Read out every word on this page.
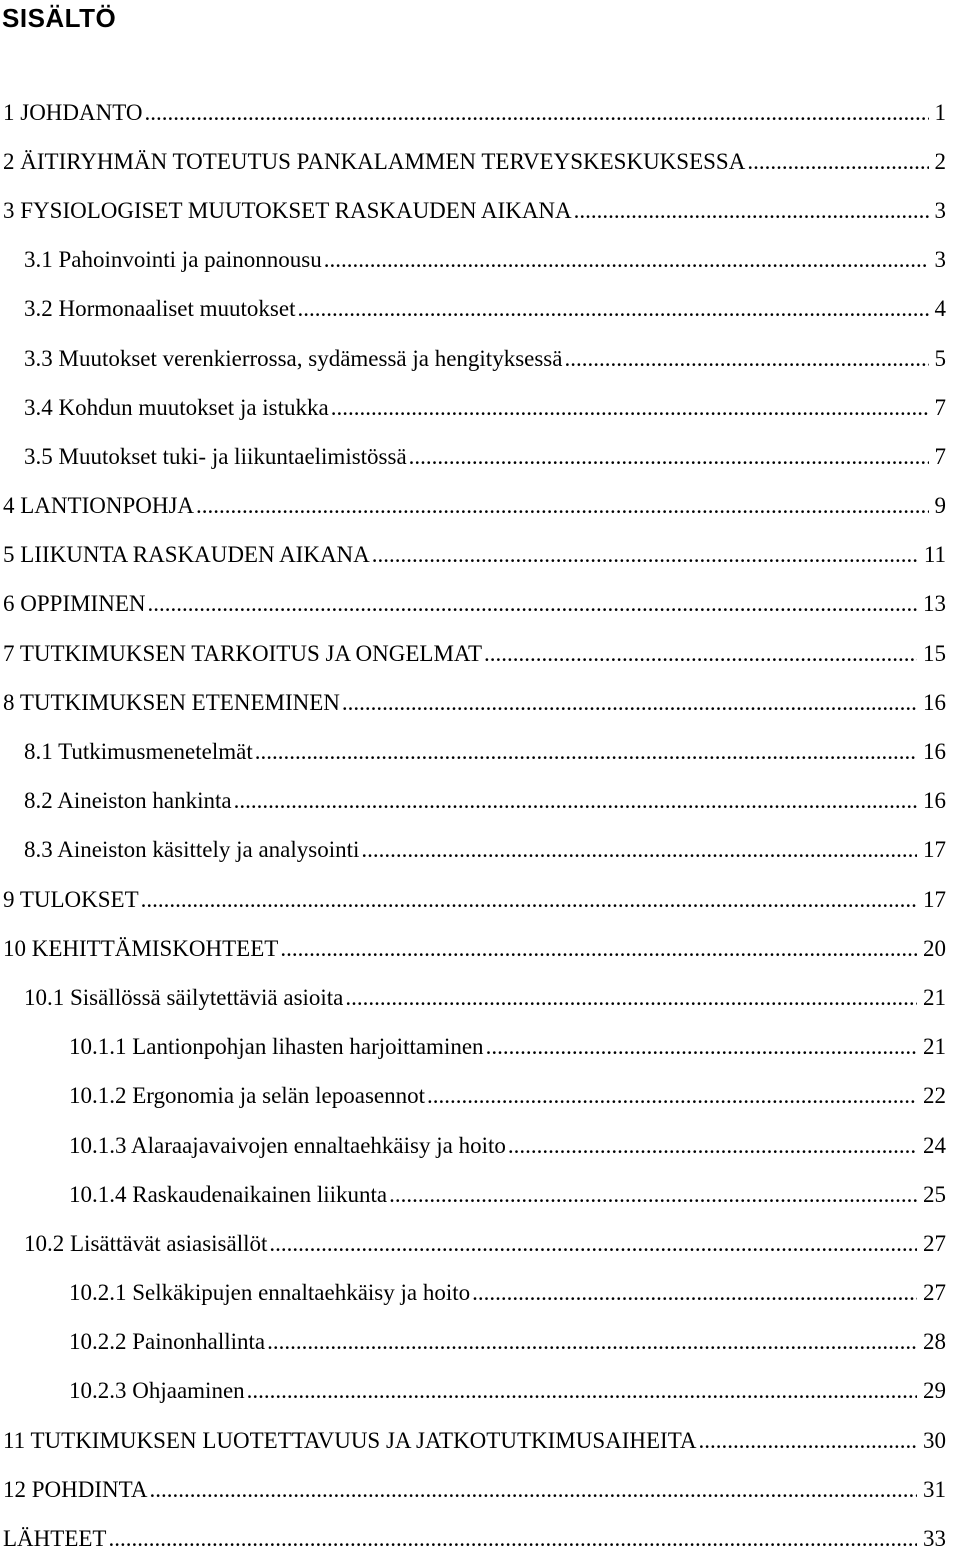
SISÄLTÖ
1 JOHDANTO .....	1
2 ÄITIRYHMÄN TOTEUTUS PANKALAMMEN TERVEYSKESKUKSESSA .....	2
3 FYSIOLOGISET MUUTOKSET RASKAUDEN AIKANA .....	3
3.1 Pahoinvointi ja painonnousu .....	3
3.2 Hormonaaliset muutokset .....	4
3.3 Muutokset verenkierrossa, sydämessä ja hengityksessä .....	5
3.4 Kohdun muutokset ja istukka .....	7
3.5 Muutokset tuki- ja liikuntaelimistössä .....	7
4 LANTIONPOHJA .....	9
5 LIIKUNTA RASKAUDEN AIKANA .....	11
6 OPPIMINEN .....	13
7 TUTKIMUKSEN TARKOITUS JA ONGELMAT .....	15
8 TUTKIMUKSEN ETENEMINEN .....	16
8.1 Tutkimusmenetelmät .....	16
8.2 Aineiston hankinta .....	16
8.3 Aineiston käsittely ja analysointi .....	17
9 TULOKSET .....	17
10 KEHITTÄMISKOHTEET .....	20
10.1 Sisällössä säilytettäviä asioita .....	21
10.1.1 Lantionpohjan lihasten harjoittaminen .....	21
10.1.2 Ergonomia ja selän lepoasennot .....	22
10.1.3 Alaraajavaivojen ennaltaehkäisy ja hoito .....	24
10.1.4 Raskaudenaikainen liikunta .....	25
10.2 Lisättävät asiasisällöt .....	27
10.2.1 Selkäkipujen ennaltaehkäisy ja hoito .....	27
10.2.2 Painonhallinta .....	28
10.2.3 Ohjaaminen .....	29
11 TUTKIMUKSEN LUOTETTAVUUS JA JATKOTUTKIMUSAIHEITA .....	30
12 POHDINTA .....	31
LÄHTEET .....	33
